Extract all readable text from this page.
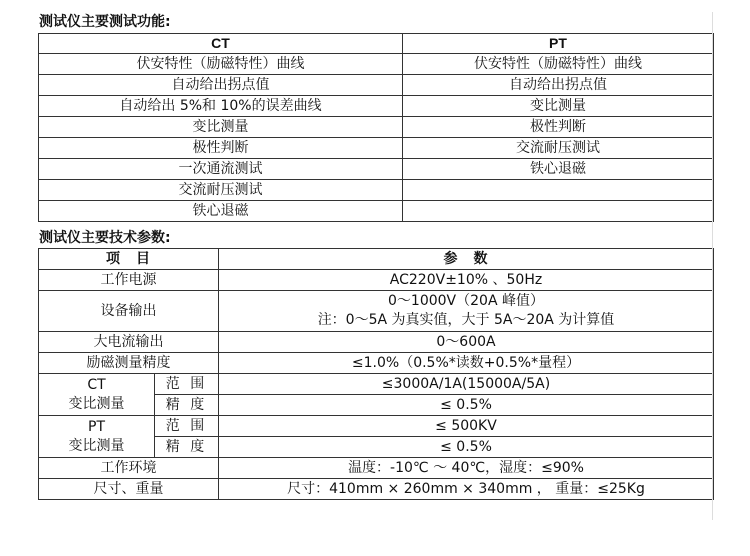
测试仪主要测试功能:
CT	PT
伏安特性（励磁特性）曲线	伏安特性（励磁特性）曲线
自动给出拐点值	自动给出拐点值
自动给出 5%和 10%的误差曲线	变比测量
变比测量	极性判断
极性判断	交流耐压测试
一次通流测试	铁心退磁
交流耐压测试	
铁心退磁	
测试仪主要技术参数:
项　目		参　数
工作电源		AC220V±10% 、50Hz
设备输出		0～1000V（20A 峰值）
注：0～5A 为真实值，大于 5A～20A 为计算值

大电流输出		0～600A
励磁测量精度		≤1.0%（0.5%*读数+0.5%*量程）

CT
变比测量	范 围	≤3000A/1A(15000A/5A)
	精 度	≤ 0.5%

PT
变比测量	范 围	≤ 500KV
	精 度	≤ 0.5%
工作环境		温度：-10℃ ～ 40℃，湿度：≤90%
尺寸、重量		尺寸：410mm × 260mm × 340mm ， 重量：≤25Kg
